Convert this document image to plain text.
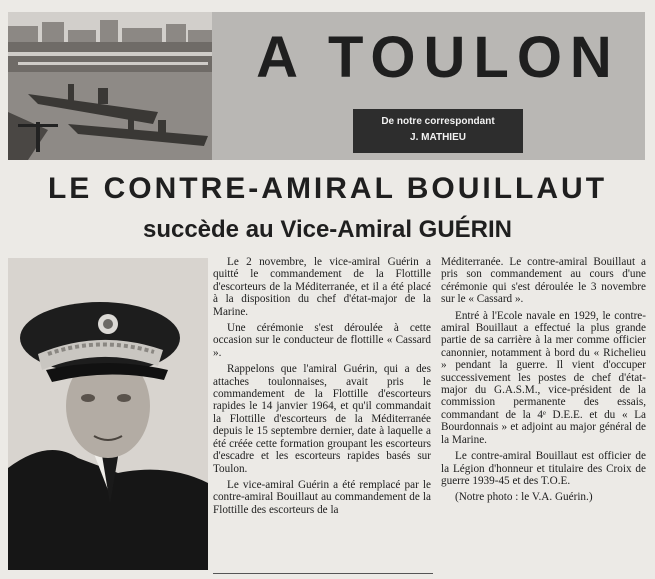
A TOULON
De notre correspondant
J. MATHIEU
LE CONTRE-AMIRAL BOUILLAUT
succède au Vice-Amiral GUÉRIN

Le 2 novembre, le vice-amiral Guérin a quitté le commandement de la Flottille d'escorteurs de la Méditerranée, et il a été placé à la disposition du chef d'état-major de la Marine.

Une cérémonie s'est déroulée à cette occasion sur le conducteur de flottille « Cassard ».

Rappelons que l'amiral Guérin, qui a des attaches toulonnaises, avait pris le commandement de la Flottille d'escorteurs rapides le 14 janvier 1964, et qu'il commandait la Flottille d'escorteurs de la Méditerranée depuis le 15 septembre dernier, date à laquelle a été créée cette formation groupant les escorteurs d'escadre et les escorteurs rapides basés sur Toulon.

Le vice-amiral Guérin a été remplacé par le contre-amiral Bouillaut au commandement de la Flottille des escorteurs de la

Méditerranée. Le contre-amiral Bouillaut a pris son commandement au cours d'une cérémonie qui s'est déroulée le 3 novembre sur le « Cassard ».

Entré à l'Ecole navale en 1929, le contre-amiral Bouillaut a effectué la plus grande partie de sa carrière à la mer comme officier canonnier, notamment à bord du « Richelieu » pendant la guerre. Il vient d'occuper successivement les postes de chef d'état-major du G.A.S.M., vice-président de la commission permanente des essais, commandant de la 4ᵉ D.E.E. et du « La Bourdonnais » et adjoint au major général de la Marine.

Le contre-amiral Bouillaut est officier de la Légion d'honneur et titulaire des Croix de guerre 1939-45 et des T.O.E.

(Notre photo : le V.A. Guérin.)
